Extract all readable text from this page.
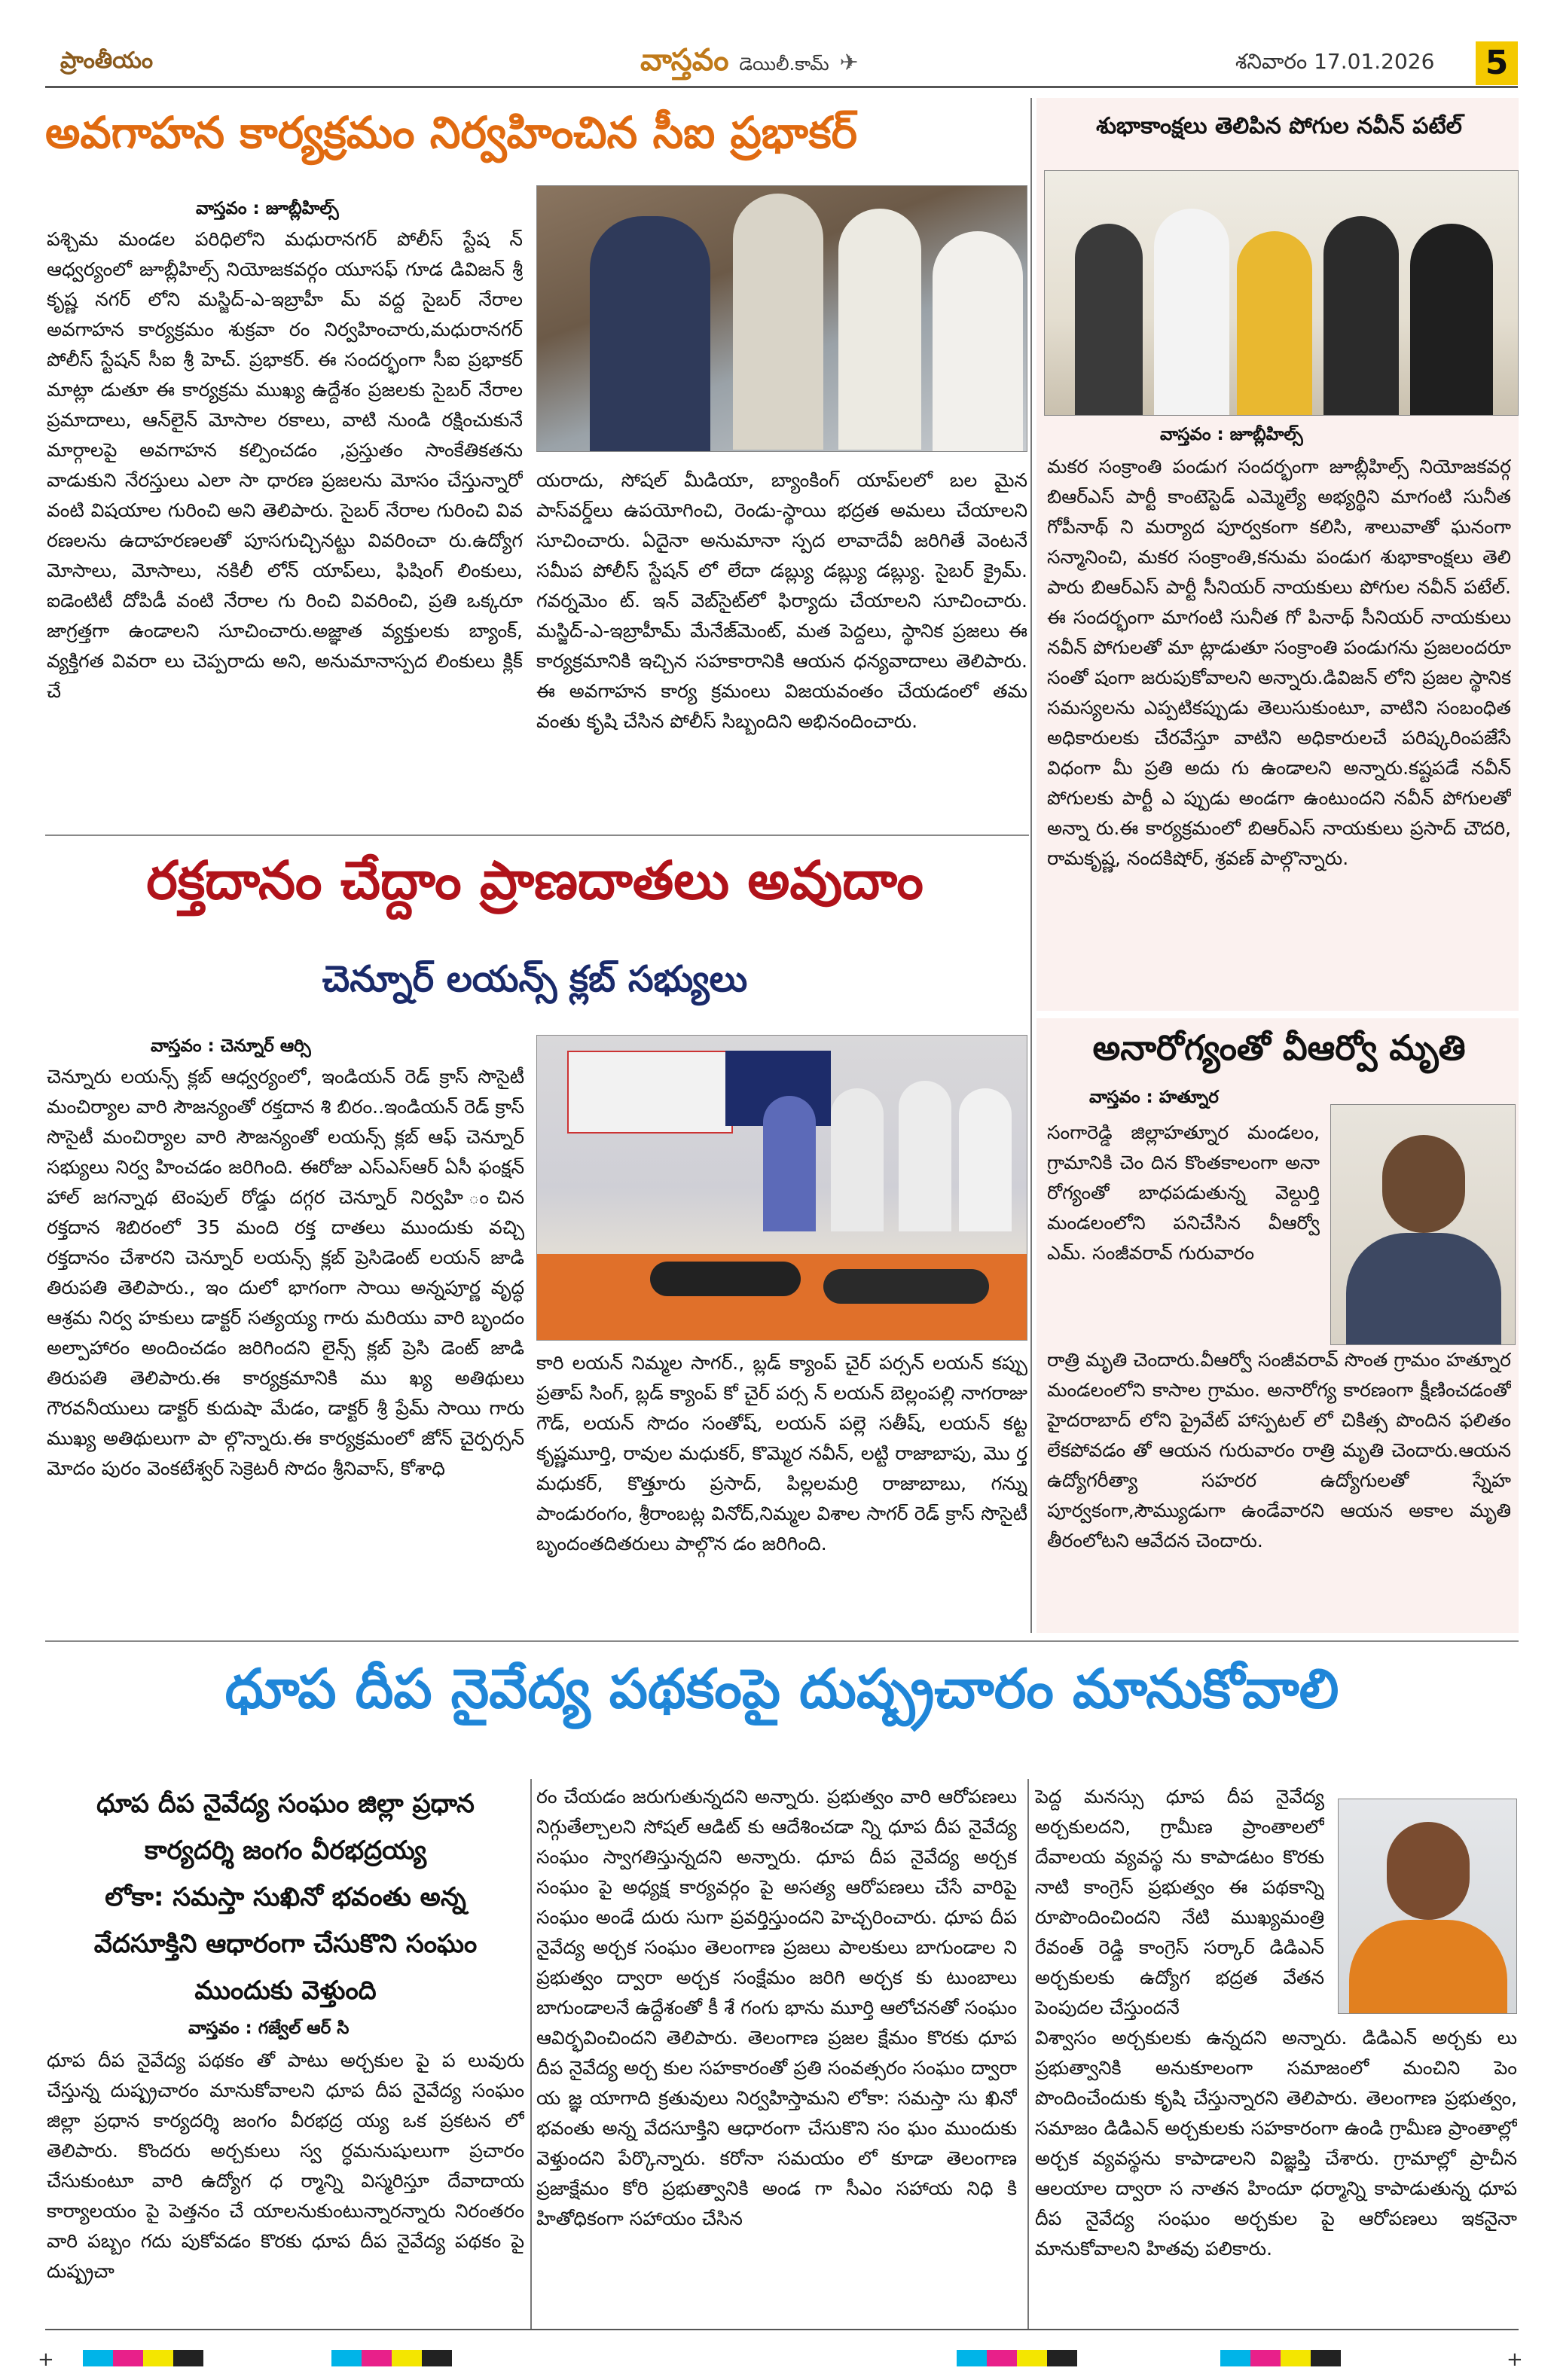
ప్రాంతీయం	వాస్తవం డెయిలీ.కామ్ ✈	శనివారం 17.01.2026 5
అవగాహన కార్యక్రమం నిర్వహించిన సీఐ ప్రభాకర్
వాస్తవం : జూబ్లీహిల్స్
పశ్చిమ మండల పరిధిలోని మధురానగర్ పోలీస్ స్టేష న్ ఆధ్వర్యంలో జూబ్లీహిల్స్ నియోజకవర్గం యూసఫ్ గూడ డివిజన్ శ్రీ కృష్ణ నగర్ లోని మస్జిద్-ఎ-ఇబ్రాహీ మ్ వద్ద సైబర్ నేరాల అవగాహన కార్యక్రమం శుక్రవా రం నిర్వహించారు,మధురానగర్ పోలీస్ స్టేషన్ సీఐ శ్రీ హెచ్. ప్రభాకర్. ఈ సందర్భంగా సీఐ ప్రభాకర్ మాట్లా డుతూ ఈ కార్యక్రమ ముఖ్య ఉద్దేశం ప్రజలకు సైబర్ నేరాల ప్రమాదాలు, ఆన్‌లైన్ మోసాల రకాలు, వాటి నుండి రక్షించుకునే మార్గాలపై అవగాహన కల్పించడం ,ప్రస్తుతం సాంకేతికతను వాడుకుని నేరస్తులు ఎలా సా ధారణ ప్రజలను మోసం చేస్తున్నారో వంటి విషయాల గురించి అని తెలిపారు. సైబర్ నేరాల గురించి వివ రణలను ఉదాహరణలతో పూసగుచ్చినట్టు వివరించా రు.ఉద్యోగ మోసాలు, మోసాలు, నకిలీ లోన్ యాప్‌లు, ఫిషింగ్ లింకులు, ఐడెంటిటీ దోపిడీ వంటి నేరాల గు రించి వివరించి, ప్రతి ఒక్కరూ జాగ్రత్తగా ఉండాలని సూచించారు.అజ్ఞాత వ్యక్తులకు బ్యాంక్, వ్యక్తిగత వివరా లు చెప్పరాదు అని, అనుమానాస్పద లింకులు క్లిక్ చే
యరాదు, సోషల్ మీడియా, బ్యాంకింగ్ యాప్‌లలో బల మైన పాస్‌వర్డ్‌లు ఉపయోగించి, రెండు-స్థాయి భద్రత అమలు చేయాలని సూచించారు. ఏదైనా అనుమానా స్పద లావాదేవీ జరిగితే వెంటనే సమీప పోలీస్ స్టేషన్ లో లేదా డబ్ల్యు డబ్ల్యు డబ్ల్యు. సైబర్ క్రైమ్. గవర్నమెం ట్. ఇన్ వెబ్‌సైట్‌లో ఫిర్యాదు చేయాలని సూచించారు. మస్జిద్-ఎ-ఇబ్రాహీమ్ మేనేజ్‌మెంట్, మత పెద్దలు, స్థానిక ప్రజలు ఈ కార్యక్రమానికి ఇచ్చిన సహకారానికి ఆయన ధన్యవాదాలు తెలిపారు. ఈ అవగాహన కార్య క్రమంలు విజయవంతం చేయడంలో తమ వంతు కృషి చేసిన పోలీస్ సిబ్బందిని అభినందించారు.
శుభాకాంక్షలు తెలిపిన పోగుల నవీన్ పటేల్
వాస్తవం : జూబ్లీహిల్స్
మకర సంక్రాంతి పండుగ సందర్భంగా జూబ్లీహిల్స్ నియోజకవర్గ బిఆర్ఎస్ పార్టీ కాంటెస్టెడ్ ఎమ్మెల్యే అభ్యర్థిని మాగంటి సునీత గోపీనాథ్ ని మర్యాద పూర్వకంగా కలిసి, శాలువాతో ఘనంగా సన్మానించి, మకర సంక్రాంతి,కనుమ పండుగ శుభాకాంక్షలు తెలి పారు బిఆర్ఎస్ పార్టీ సీనియర్ నాయకులు పోగుల నవీన్ పటేల్. ఈ సందర్భంగా మాగంటి సునీత గో పినాథ్ సీనియర్ నాయకులు నవీన్ పోగులతో మా ట్లాడుతూ సంక్రాంతి పండుగను ప్రజలందరూ సంతో షంగా జరుపుకోవాలని అన్నారు.డివిజన్ లోని ప్రజల స్థానిక సమస్యలను ఎప్పటికప్పుడు తెలుసుకుంటూ, వాటిని సంబంధిత అధికారులకు చేరవేస్తూ వాటిని అధికారులచే పరిష్కరింపజేసే విధంగా మీ ప్రతి అదు గు ఉండాలని అన్నారు.కష్టపడే నవీన్ పోగులకు పార్టీ ఎ ప్పుడు అండగా ఉంటుందని నవీన్ పోగులతో అన్నా రు.ఈ కార్యక్రమంలో బిఆర్ఎస్ నాయకులు ప్రసాద్ చౌదరి, రామకృష్ణ, నందకిషోర్, శ్రవణ్ పాల్గొన్నారు.
రక్తదానం చేద్దాం ప్రాణదాతలు అవుదాం
చెన్నూర్ లయన్స్ క్లబ్ సభ్యులు
వాస్తవం : చెన్నూర్ ఆర్సి
చెన్నూరు లయన్స్ క్లబ్ ఆధ్వర్యంలో, ఇండియన్ రెడ్ క్రాస్ సొసైటీ మంచిర్యాల వారి సౌజన్యంతో రక్తదాన శి బిరం..ఇండియన్ రెడ్ క్రాస్ సొసైటీ మంచిర్యాల వారి సౌజన్యంతో లయన్స్ క్లబ్ ఆఫ్ చెన్నూర్ సభ్యులు నిర్వ హించడం జరిగింది. ఈరోజు ఎస్ఎస్ఆర్ ఏసీ ఫంక్షన్ హాల్ జగన్నాథ టెంపుల్ రోడ్డు దగ్గర చెన్నూర్ నిర్వహి ంచిన రక్తదాన శిబిరంలో 35 మంది రక్త దాతలు ముందుకు వచ్చి రక్తదానం చేశారని చెన్నూర్ లయన్స్ క్లబ్ ప్రెసిడెంట్ లయన్ జాడి తిరుపతి తెలిపారు., ఇం దులో భాగంగా సాయి అన్నపూర్ణ వృద్ధ ఆశ్రమ నిర్వ హకులు డాక్టర్ సత్యయ్య గారు మరియు వారి బృందం అల్పాహారం అందించడం జరిగిందని లైన్స్ క్లబ్ ప్రెసి డెంట్ జాడి తిరుపతి తెలిపారు.ఈ కార్యక్రమానికి ము ఖ్య అతిథులు గౌరవనీయులు డాక్టర్ కుదుషా మేడం, డాక్టర్ శ్రీ ప్రేమ్ సాయి గారు ముఖ్య అతిథులుగా పా ల్గొన్నారు.ఈ కార్యక్రమంలో జోన్ చైర్పర్సన్ మోదం పురం వెంకటేశ్వర్ సెక్రెటరీ సొదం శ్రీనివాస్, కోశాధి
కారి లయన్ నిమ్మల సాగర్., బ్లడ్ క్యాంప్ చైర్ పర్సన్ లయన్ కప్పు ప్రతాప్ సింగ్, బ్లడ్ క్యాంప్ కో చైర్ పర్స న్ లయన్ బెల్లంపల్లి నాగరాజు గౌడ్, లయన్ సొదం సంతోష్, లయన్ పల్లె సతీష్, లయన్ కట్ట కృష్ణమూర్తి, రావుల మధుకర్, కొమ్మెర నవీన్, లట్టి రాజాబాపు, మొ ర్త మధుకర్, కొత్తూరు ప్రసాద్, పిల్లలమర్రి రాజాబాబు, గన్ను పాండురంగం, శ్రీరాంబట్ల వినోద్,నిమ్మల విశాల సాగర్ రెడ్ క్రాస్ సొసైటీ బృందంతదితరులు పాల్గొన డం జరిగింది.
అనారోగ్యంతో వీఆర్వో మృతి
వాస్తవం : హత్నూర
సంగారెడ్డి జిల్లాహత్నూర మండలం, గ్రామానికి చెం దిన కొంతకాలంగా అనా రోగ్యంతో బాధపడుతున్న వెల్దుర్తి మండలంలోని పనిచేసిన వీఆర్వో ఎమ్. సంజీవరావ్ గురువారం
రాత్రి మృతి చెందారు.వీఆర్వో సంజీవరావ్ సొంత గ్రామం హత్నూర మండలంలోని కాసాల గ్రామం. అనారోగ్య కారణంగా క్షీణించడంతో హైదరాబాద్ లోని ప్రైవేట్ హాస్పటల్ లో చికిత్స పొందిన ఫలితం లేకపోవడం తో ఆయన గురువారం రాత్రి మృతి చెందారు.ఆయన ఉద్యోగరీత్యా సహరర ఉద్యోగులతో స్నేహ పూర్వకంగా,సౌమ్యుడుగా ఉండేవారని ఆయన అకాల మృతి తీరంలోటని ఆవేదన చెందారు.
ధూప దీప నైవేద్య పథకంపై దుష్ప్రచారం మానుకోవాలి
ధూప దీప నైవేద్య సంఘం జిల్లా ప్రధాన
కార్యదర్శి జంగం వీరభద్రయ్య
లోకా: సమస్తా సుఖినో భవంతు అన్న
వేదసూక్తిని ఆధారంగా చేసుకొని సంఘం
ముందుకు వెళ్తుంది
వాస్తవం : గజ్వేల్ ఆర్ సి
ధూప దీప నైవేద్య పథకం తో పాటు అర్చకుల పై ప లువురు చేస్తున్న దుష్ప్రచారం మానుకోవాలని ధూప దీప నైవేద్య సంఘం జిల్లా ప్రధాన కార్యదర్శి జంగం వీరభద్ర య్య ఒక ప్రకటన లో తెలిపారు. కొందరు అర్చకులు స్వ ర్ధమనుషులుగా ప్రచారం చేసుకుంటూ వారి ఉద్యోగ ధ ర్మాన్ని విస్మరిస్తూ దేవాదాయ కార్యాలయం పై పెత్తనం చే యాలనుకుంటున్నారన్నారు నిరంతరం వారి పబ్బం గదు పుకోవడం కొరకు ధూప దీప నైవేద్య పథకం పై దుష్ప్రచా
రం చేయడం జరుగుతున్నదని అన్నారు. ప్రభుత్వం వారి ఆరోపణలు నిగ్గుతేల్చాలని సోషల్ ఆడిట్ కు ఆదేశించడా న్ని ధూప దీప నైవేద్య సంఘం స్వాగతిస్తున్నదని అన్నారు. ధూప దీప నైవేద్య అర్చక సంఘం పై అధ్యక్ష కార్యవర్గం పై అసత్య ఆరోపణలు చేసే వారిపై సంఘం అండే దురు సుగా ప్రవర్తిస్తుందని హెచ్చరించారు. ధూప దీప నైవేద్య అర్చక సంఘం తెలంగాణ ప్రజలు పాలకులు బాగుండాల ని ప్రభుత్వం ద్వారా అర్చక సంక్షేమం జరిగి అర్చక కు టుంబాలు బాగుండాలనే ఉద్దేశంతో కీ శే గంగు భాను మూర్తి ఆలోచనతో సంఘం ఆవిర్భవించిందని తెలిపారు. తెలంగాణ ప్రజల క్షేమం కొరకు ధూప దీప నైవేద్య అర్చ కుల సహకారంతో ప్రతి సంవత్సరం సంఘం ద్వారా య జ్ఞ యాగాది క్రతువులు నిర్వహిస్తామని లోకా: సమస్తా సు ఖినో భవంతు అన్న వేదసూక్తిని ఆధారంగా చేసుకొని సం ఘం ముందుకు వెళ్తుందని పేర్కొన్నారు. కరోనా సమయం లో కూడా తెలంగాణ ప్రజాక్షేమం కోరి ప్రభుత్వానికి అండ గా సీఎం సహాయ నిధి కి హితోధికంగా సహాయం చేసిన
పెద్ద మనస్సు ధూప దీప నైవేద్య అర్చకులదని, గ్రామీణ ప్రాంతాలలో దేవాలయ వ్యవస్థ ను కాపాడటం కొరకు నాటి కాంగ్రెస్ ప్రభుత్వం ఈ పథకాన్ని రూపొందించిందని నేటి ముఖ్యమంత్రి రేవంత్ రెడ్డి కాంగ్రెస్ సర్కార్ డిడిఎన్ అర్చకులకు ఉద్యోగ భద్రత వేతన పెంపుదల చేస్తుందనే
విశ్వాసం అర్చకులకు ఉన్నదని అన్నారు. డిడిఎన్ అర్చకు లు ప్రభుత్వానికి అనుకూలంగా సమాజంలో మంచిని పెం పొందించేందుకు కృషి చేస్తున్నారని తెలిపారు. తెలంగాణ ప్రభుత్వం, సమాజం డిడిఎన్ అర్చకులకు సహకారంగా ఉండి గ్రామీణ ప్రాంతాల్లో అర్చక వ్యవస్థను కాపాడాలని విజ్ఞప్తి చేశారు. గ్రామాల్లో ప్రాచీన ఆలయాల ద్వారా స నాతన హిందూ ధర్మాన్ని కాపాడుతున్న ధూప దీప నైవేద్య సంఘం అర్చకుల పై ఆరోపణలు ఇకనైనా మానుకోవాలని హితవు పలికారు.
+	+
